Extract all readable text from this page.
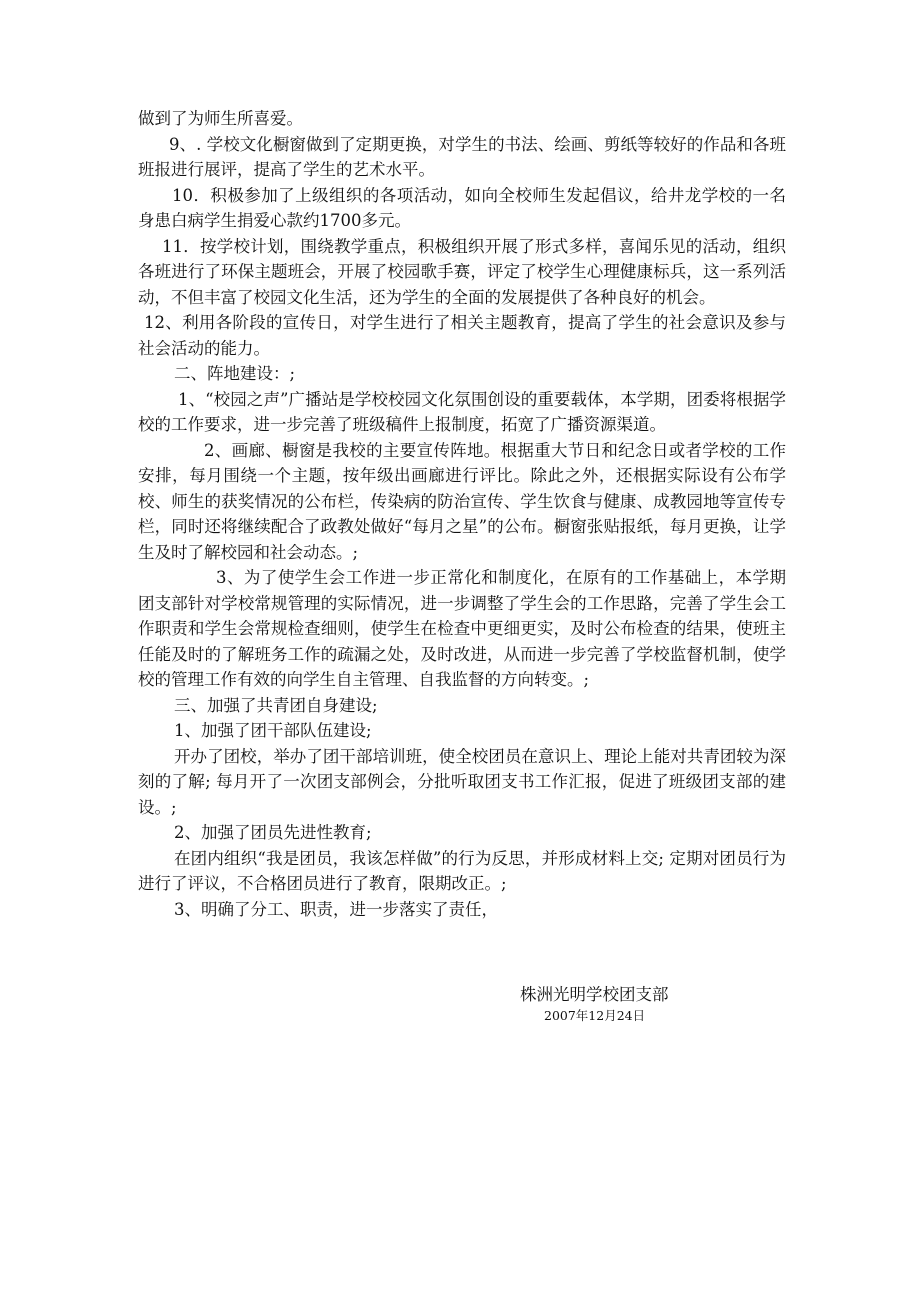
做到了为师生所喜爱。

9、. 学校文化橱窗做到了定期更换，对学生的书法、绘画、剪纸等较好的作品和各班班报进行展评，提高了学生的艺术水平。

10．积极参加了上级组织的各项活动，如向全校师生发起倡议，给井龙学校的一名身患白病学生捐爱心款约1700多元。

11．按学校计划，围绕教学重点，积极组织开展了形式多样，喜闻乐见的活动，组织各班进行了环保主题班会，开展了校园歌手赛，评定了校学生心理健康标兵，这一系列活动，不但丰富了校园文化生活，还为学生的全面的发展提供了各种良好的机会。

12、利用各阶段的宣传日，对学生进行了相关主题教育，提高了学生的社会意识及参与社会活动的能力。

二、阵地建设：;

1、“校园之声”广播站是学校校园文化氛围创设的重要载体，本学期，团委将根据学校的工作要求，进一步完善了班级稿件上报制度，拓宽了广播资源渠道。

2、画廊、橱窗是我校的主要宣传阵地。根据重大节日和纪念日或者学校的工作安排，每月围绕一个主题，按年级出画廊进行评比。除此之外，还根据实际设有公布学校、师生的获奖情况的公布栏，传染病的防治宣传、学生饮食与健康、成教园地等宣传专栏，同时还将继续配合了政教处做好“每月之星”的公布。橱窗张贴报纸，每月更换，让学生及时了解校园和社会动态。;

3、为了使学生会工作进一步正常化和制度化，在原有的工作基础上，本学期团支部针对学校常规管理的实际情况，进一步调整了学生会的工作思路，完善了学生会工作职责和学生会常规检查细则，使学生在检查中更细更实，及时公布检查的结果，使班主任能及时的了解班务工作的疏漏之处，及时改进，从而进一步完善了学校监督机制，使学校的管理工作有效的向学生自主管理、自我监督的方向转变。;

三、加强了共青团自身建设;

1、加强了团干部队伍建设;

开办了团校，举办了团干部培训班，使全校团员在意识上、理论上能对共青团较为深刻的了解; 每月开了一次团支部例会，分批听取团支书工作汇报，促进了班级团支部的建设。;

2、加强了团员先进性教育;

在团内组织“我是团员，我该怎样做”的行为反思，并形成材料上交; 定期对团员行为进行了评议，不合格团员进行了教育，限期改正。;

3、明确了分工、职责，进一步落实了责任，

株洲光明学校团支部
2007年12月24日
